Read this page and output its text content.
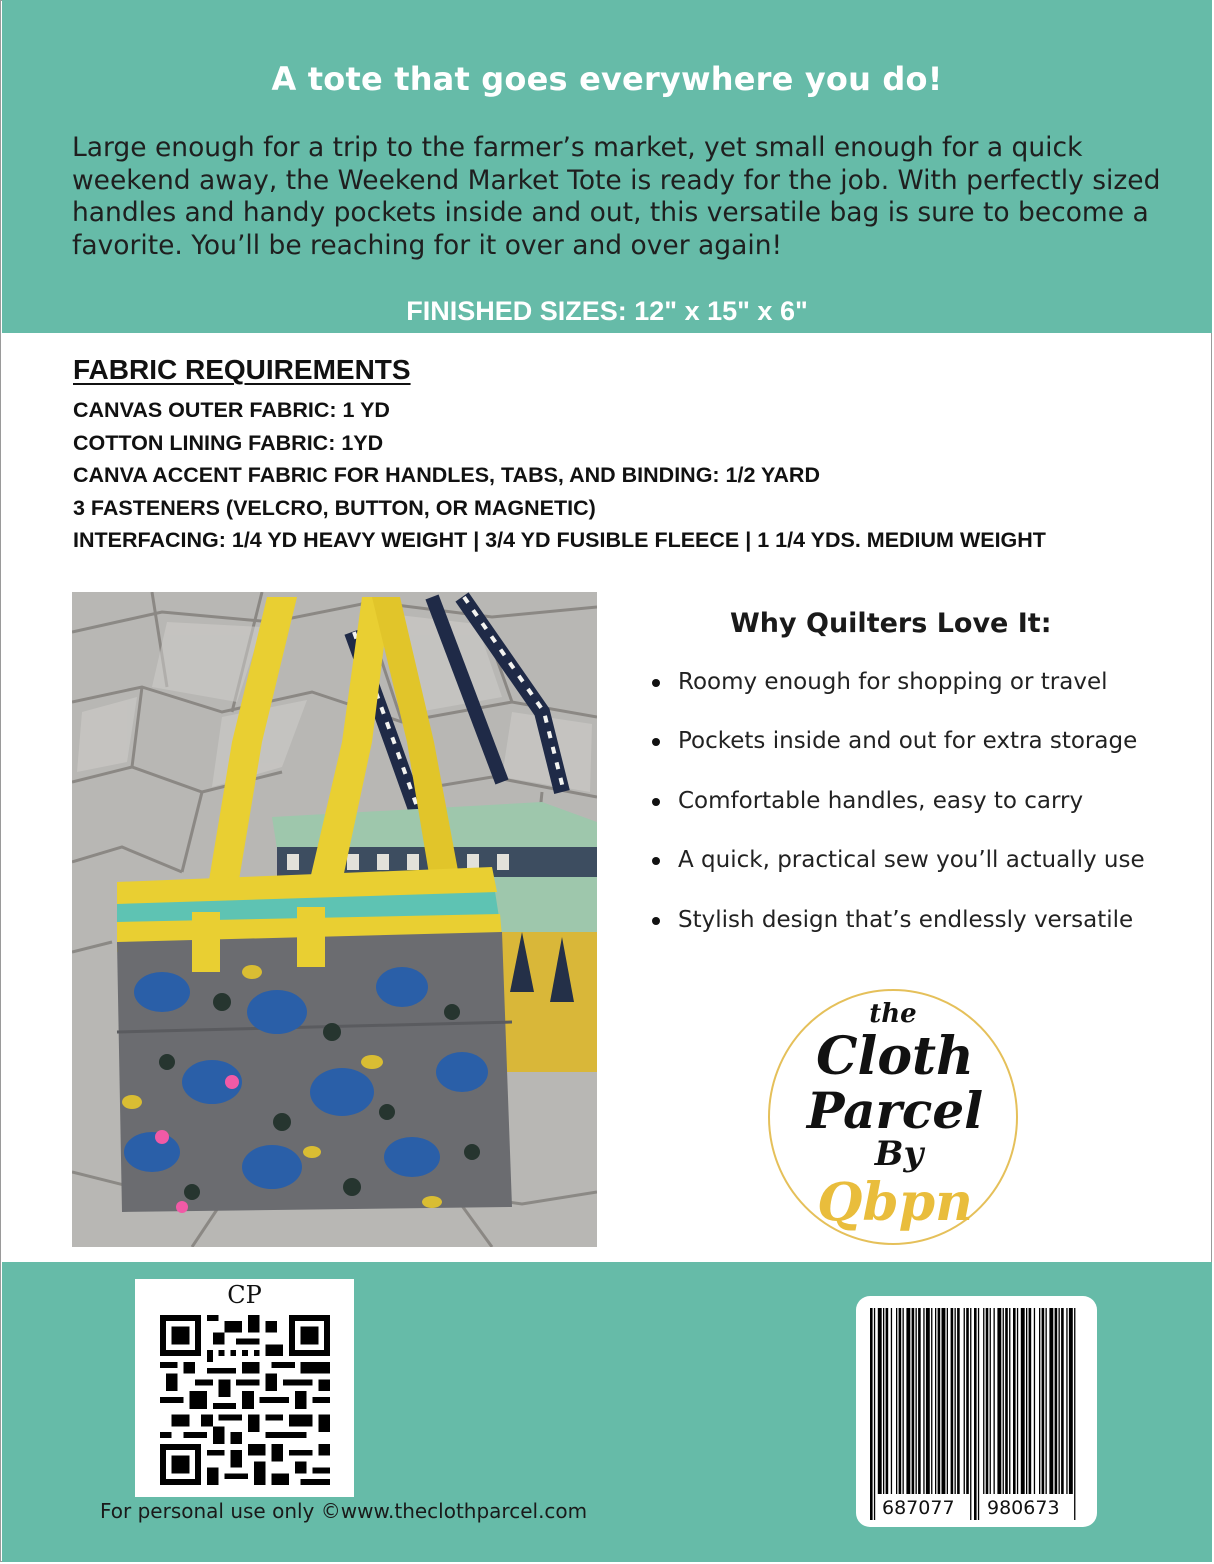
A tote that goes everywhere you do!
Large enough for a trip to the farmer’s market, yet small enough for a quick weekend away, the Weekend Market Tote is ready for the job. With perfectly sized handles and handy pockets inside and out, this versatile bag is sure to become a favorite. You’ll be reaching for it over and over again!
FINISHED SIZES: 12" x 15" x 6"
FABRIC REQUIREMENTS
CANVAS OUTER FABRIC: 1 YD
COTTON LINING FABRIC: 1YD
CANVA ACCENT FABRIC FOR HANDLES, TABS, AND BINDING: 1/2 YARD
3 FASTENERS (VELCRO, BUTTON, OR MAGNETIC)
INTERFACING: 1/4 YD HEAVY WEIGHT | 3/4 YD FUSIBLE FLEECE | 1 1/4 YDS. MEDIUM WEIGHT
Why Quilters Love It:
Roomy enough for shopping or travel
Pockets inside and out for extra storage
Comfortable handles, easy to carry
A quick, practical sew you’ll actually use
Stylish design that’s endlessly versatile
the
Cloth
Parcel
By
Qbpn
CP
For personal use only ©www.theclothparcel.com	687077 980673
